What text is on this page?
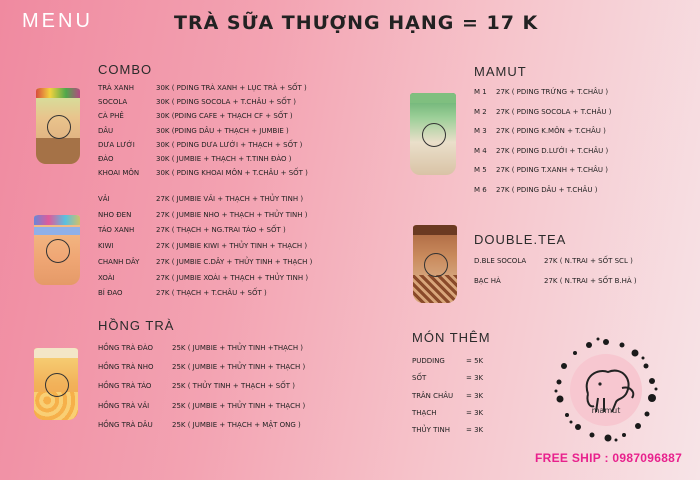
MENU	TRÀ SỮA THƯỢNG HẠNG = 17 K
COMBO
HỒNG TRÀ
MAMUT
DOUBLE.TEA
MÓN THÊM
TRÀ XANH	30K ( PDING TRÀ XANH + LỤC TRÀ + SỐT )
SOCOLA	30K ( PDING SOCOLA + T.CHÂU + SỐT )
CÀ PHÊ	30K (PDING CAFE + THẠCH CF + SỐT )
DÂU	30K (PDING DÂU + THẠCH + JUMBIE )
DƯA LƯỚI	30K ( PDING DƯA LƯỚI + THẠCH + SỐT )
ĐÀO	30K ( JUMBIE + THẠCH + T.TINH ĐÀO )
KHOAI MÔN 30K ( PDING KHOAI MÔN + T.CHÂU + SỐT )
VẢI	27K ( JUMBIE VẢI + THẠCH + THỦY TINH )
NHO ĐEN	27K ( JUMBIE NHO + THẠCH + THỦY TINH )
TÁO XANH	27K ( THẠCH + NG.TRAI TÁO + SỐT )
KIWI	27K ( JUMBIE KIWI + THỦY TINH + THẠCH )
CHANH DÂY 27K ( JUMBIE C.DÂY + THỦY TINH + THẠCH )
XOÀI	27K ( JUMBIE XOÀI + THẠCH + THỦY TINH )
BÍ ĐAO	27K ( THẠCH + T.CHÂU + SỐT )
HỒNG TRÀ ĐÀO	25K ( JUMBIE + THỦY TINH +THẠCH )
HỒNG TRÀ NHO	25K ( JUMBIE + THỦY TINH + THẠCH )
HỒNG TRÀ TÁO	25K ( THỦY TINH + THẠCH + SỐT )
HỒNG TRÀ VẢI	25K ( JUMBIE + THỦY TINH + THẠCH )
HỒNG TRÀ DÂU	25K ( JUMBIE + THẠCH + MẬT ONG )
M 1 27K ( PDING TRỨNG + T.CHÂU )
M 2 27K ( PDING SOCOLA + T.CHÂU )
M 3 27K ( PDING K.MÔN + T.CHÂU )
M 4 27K ( PDING D.LƯỚI + T.CHÂU )
M 5 27K ( PDING T.XANH + T.CHÂU )
M 6 27K ( PDING DÂU + T.CHÂU )
D.BLE SOCOLA	27K ( N.TRAI + SỐT SCL )
BẠC HÀ	27K ( N.TRAI + SỐT B.HÀ )
PUDDING	= 5K
SỐT	= 3K
TRÂN CHÂU = 3K
THẠCH	= 3K
THỦY TINH = 3K
mamut
FREE SHIP : 0987096887
